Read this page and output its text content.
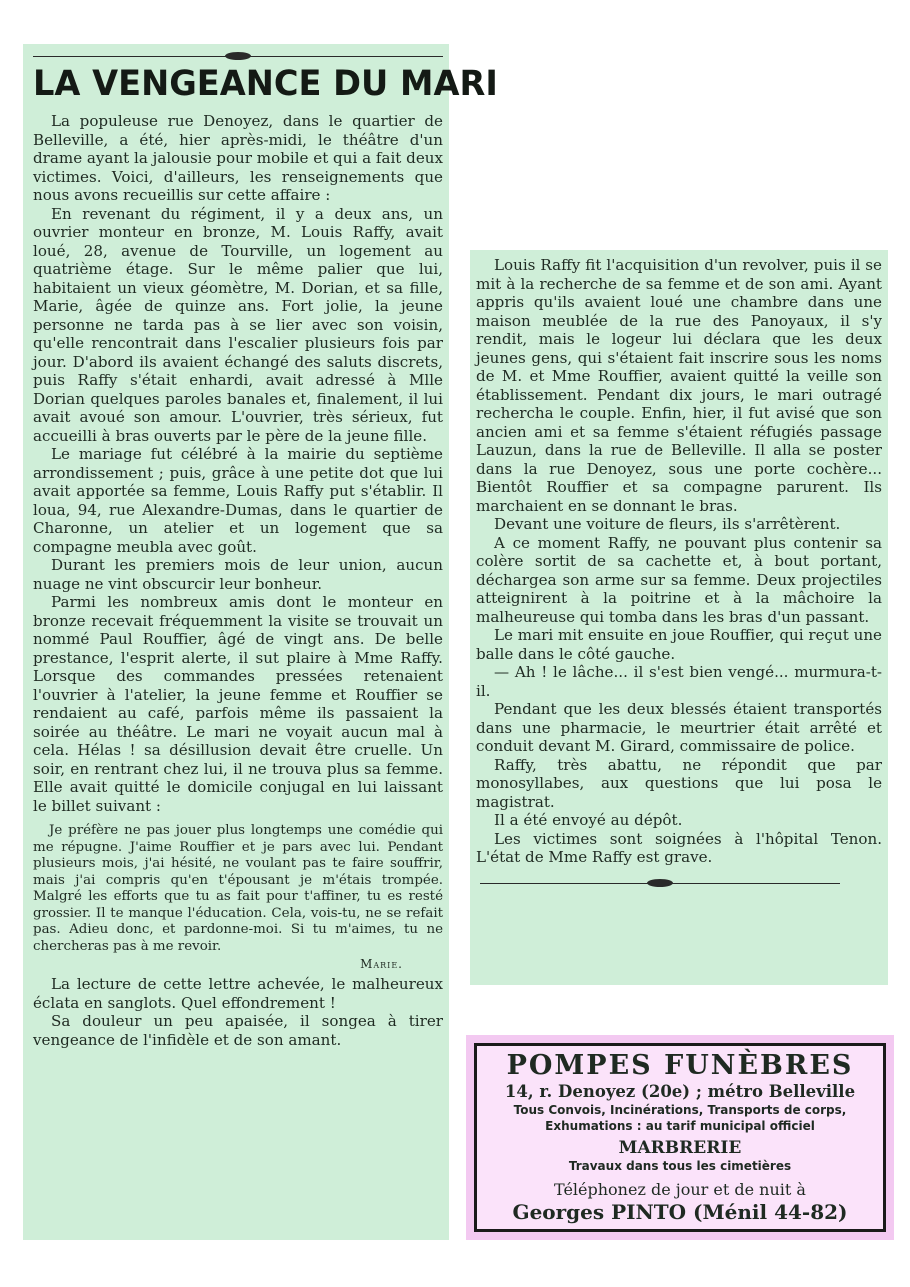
LA VENGEANCE DU MARI

La populeuse rue Denoyez, dans le quartier de Belleville, a été, hier après-midi, le théâtre d'un drame ayant la jalousie pour mobile et qui a fait deux victimes. Voici, d'ailleurs, les renseignements que nous avons recueillis sur cette affaire :

En revenant du régiment, il y a deux ans, un ouvrier monteur en bronze, M. Louis Raffy, avait loué, 28, avenue de Tourville, un logement au quatrième étage. Sur le même palier que lui, habitaient un vieux géomètre, M. Dorian, et sa fille, Marie, âgée de quinze ans. Fort jolie, la jeune personne ne tarda pas à se lier avec son voisin, qu'elle rencontrait dans l'escalier plusieurs fois par jour. D'abord ils avaient échangé des saluts discrets, puis Raffy s'était enhardi, avait adressé à Mlle Dorian quelques paroles banales et, finalement, il lui avait avoué son amour. L'ouvrier, très sérieux, fut accueilli à bras ouverts par le père de la jeune fille.

Le mariage fut célébré à la mairie du septième arrondissement ; puis, grâce à une petite dot que lui avait apportée sa femme, Louis Raffy put s'établir. Il loua, 94, rue Alexandre-Dumas, dans le quartier de Charonne, un atelier et un logement que sa compagne meubla avec goût.

Durant les premiers mois de leur union, aucun nuage ne vint obscurcir leur bonheur.

Parmi les nombreux amis dont le monteur en bronze recevait fréquemment la visite se trouvait un nommé Paul Rouffier, âgé de vingt ans. De belle prestance, l'esprit alerte, il sut plaire à Mme Raffy. Lorsque des commandes pressées retenaient l'ouvrier à l'atelier, la jeune femme et Rouffier se rendaient au café, parfois même ils passaient la soirée au théâtre. Le mari ne voyait aucun mal à cela. Hélas ! sa désillusion devait être cruelle. Un soir, en rentrant chez lui, il ne trouva plus sa femme. Elle avait quitté le domicile conjugal en lui laissant le billet suivant :

Je préfère ne pas jouer plus longtemps une comédie qui me répugne. J'aime Rouffier et je pars avec lui. Pendant plusieurs mois, j'ai hésité, ne voulant pas te faire souffrir, mais j'ai compris qu'en t'épousant je m'étais trompée. Malgré les efforts que tu as fait pour t'affiner, tu es resté grossier. Il te manque l'éducation. Cela, vois-tu, ne se refait pas. Adieu donc, et pardonne-moi. Si tu m'aimes, tu ne chercheras pas à me revoir.

Marie.

La lecture de cette lettre achevée, le malheureux éclata en sanglots. Quel effondrement !

Sa douleur un peu apaisée, il songea à tirer vengeance de l'infidèle et de son amant.

Louis Raffy fit l'acquisition d'un revolver, puis il se mit à la recherche de sa femme et de son ami. Ayant appris qu'ils avaient loué une chambre dans une maison meublée de la rue des Panoyaux, il s'y rendit, mais le logeur lui déclara que les deux jeunes gens, qui s'étaient fait inscrire sous les noms de M. et Mme Rouffier, avaient quitté la veille son établissement. Pendant dix jours, le mari outragé rechercha le couple. Enfin, hier, il fut avisé que son ancien ami et sa femme s'étaient réfugiés passage Lauzun, dans la rue de Belleville. Il alla se poster dans la rue Denoyez, sous une porte cochère... Bientôt Rouffier et sa compagne parurent. Ils marchaient en se donnant le bras.

Devant une voiture de fleurs, ils s'arrêtèrent.

A ce moment Raffy, ne pouvant plus contenir sa colère sortit de sa cachette et, à bout portant, déchargea son arme sur sa femme. Deux projectiles atteignirent à la poitrine et à la mâchoire la malheureuse qui tomba dans les bras d'un passant.

Le mari mit ensuite en joue Rouffier, qui reçut une balle dans le côté gauche.

— Ah ! le lâche... il s'est bien vengé... murmura-t-il.

Pendant que les deux blessés étaient transportés dans une pharmacie, le meurtrier était arrêté et conduit devant M. Girard, commissaire de police.

Raffy, très abattu, ne répondit que par monosyllabes, aux questions que lui posa le magistrat.

Il a été envoyé au dépôt.

Les victimes sont soignées à l'hôpital Tenon. L'état de Mme Raffy est grave.

POMPES FUNÈBRES

14, r. Denoyez (20e) ; métro Belleville

Tous Convois, Incinérations, Transports de corps,

Exhumations : au tarif municipal officiel

MARBRERIE

Travaux dans tous les cimetières

Téléphonez de jour et de nuit à

Georges PINTO (Ménil 44-82)
